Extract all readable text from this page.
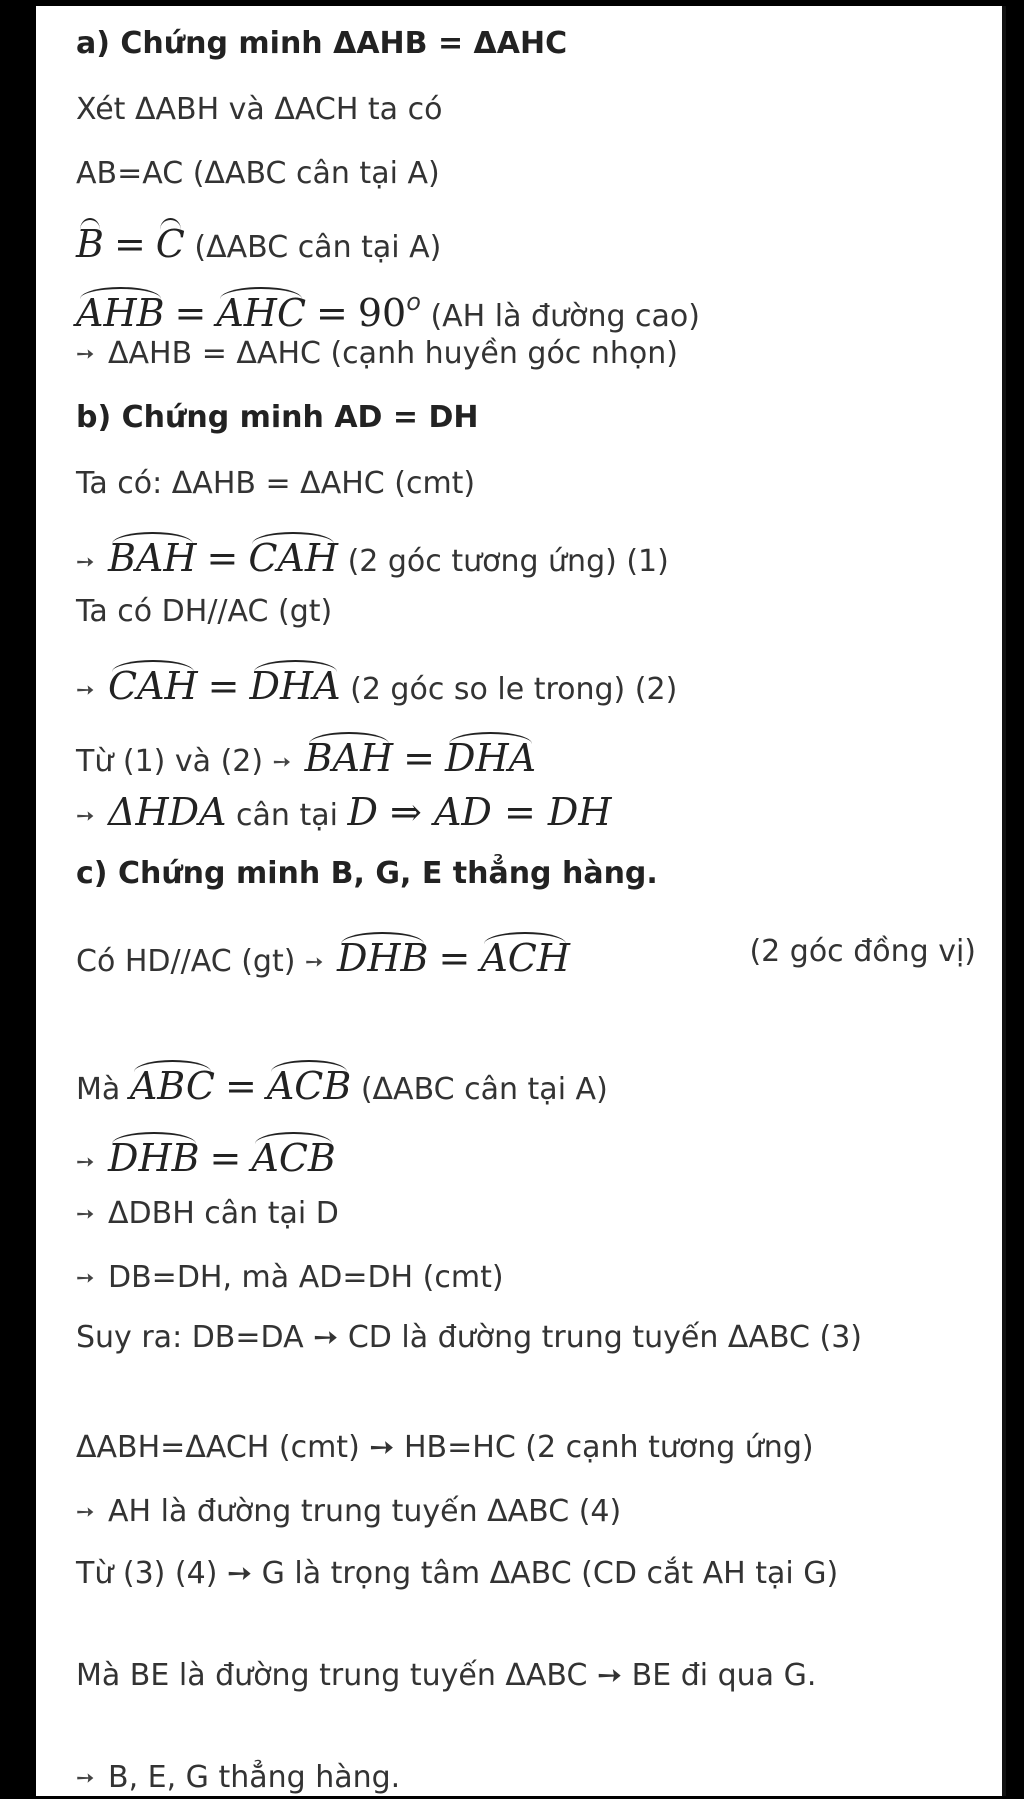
a) Chứng minh ΔAHB = ΔAHC
Xét ΔABH và ΔACH ta có
AB=AC (ΔABC cân tại A)
B = C (ΔABC cân tại A)
AHB = AHC = $90^o$ (AH là đường cao)
➙ ΔAHB = ΔAHC (cạnh huyền góc nhọn)
b) Chứng minh AD = DH
Ta có: ΔAHB = ΔAHC (cmt)
➙ BAH = CAH (2 góc tương ứng) (1)
Ta có DH//AC (gt)
➙ CAH = DHA (2 góc so le trong) (2)
Từ (1) và (2) ➙ BAH = DHA
➙ ΔHDA cân tại D ⇒ AD = DH
c) Chứng minh B, G, E thẳng hàng.
Có HD//AC (gt) ➙ DHB = ACH	(2 góc đồng vị)
Mà ABC = ACB (ΔABC cân tại A)
➙ DHB = ACB
➙ ΔDBH cân tại D
➙ DB=DH, mà AD=DH (cmt)
Suy ra: DB=DA ➙ CD là đường trung tuyến ΔABC (3)
ΔABH=ΔACH (cmt) ➙ HB=HC (2 cạnh tương ứng)
➙ AH là đường trung tuyến ΔABC (4)
Từ (3) (4) ➙ G là trọng tâm ΔABC (CD cắt AH tại G)
Mà BE là đường trung tuyến ΔABC ➙ BE đi qua G.
➙ B, E, G thẳng hàng.
